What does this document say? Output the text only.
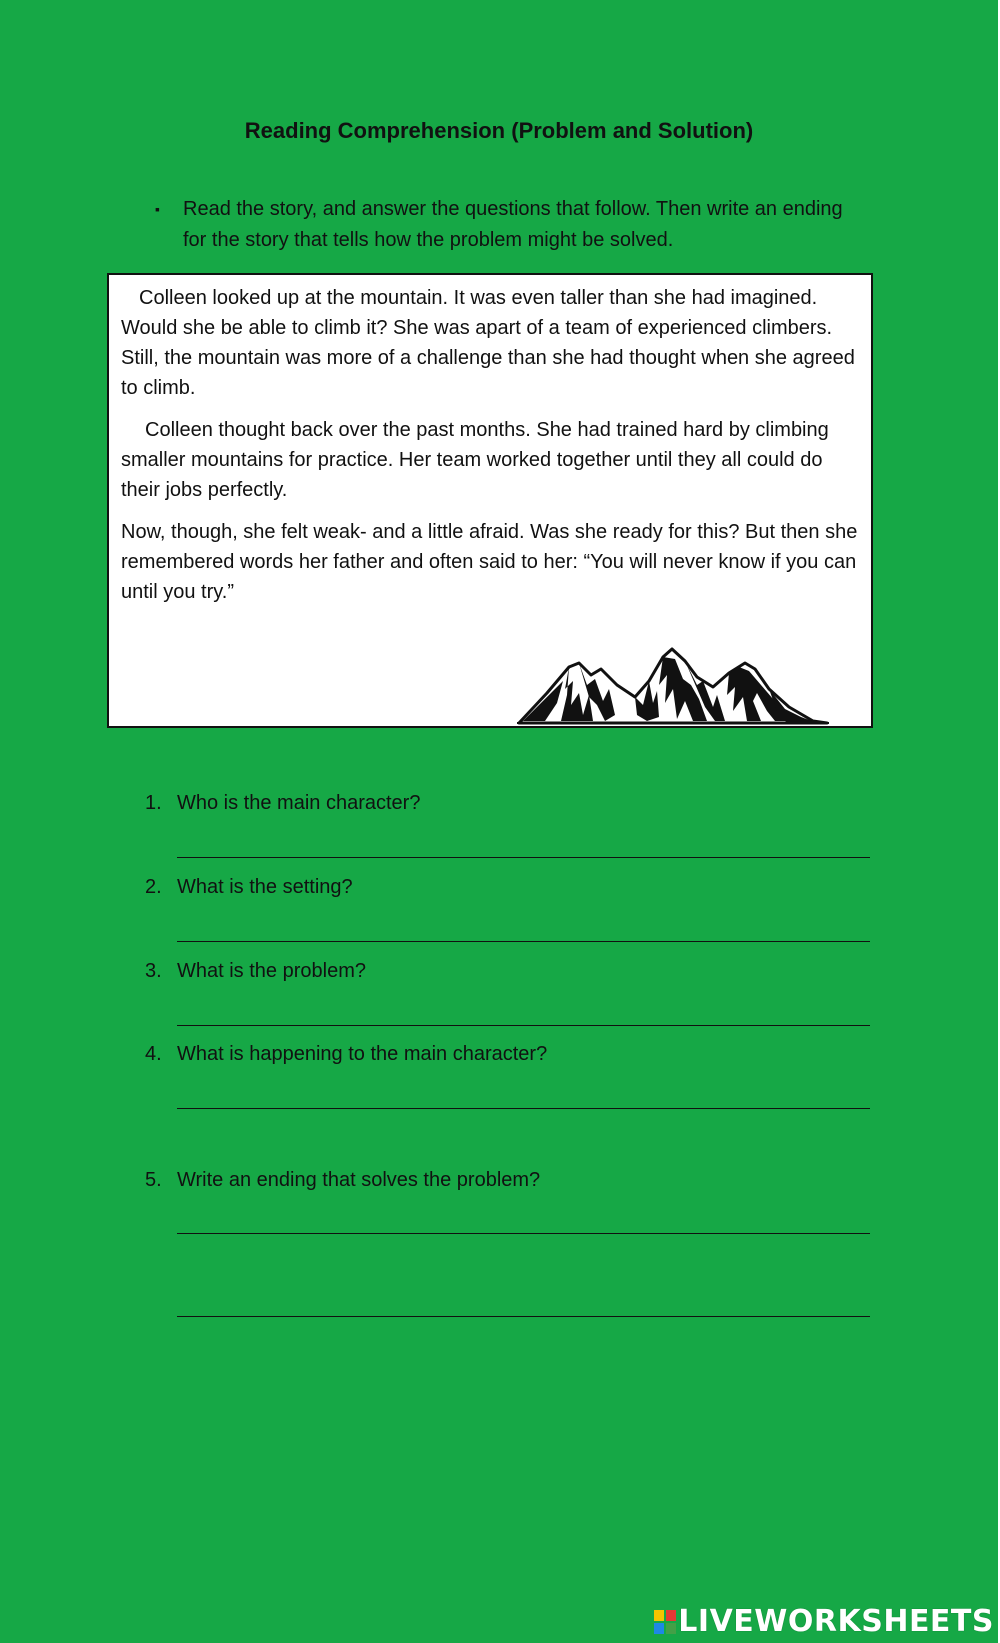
Reading Comprehension (Problem and Solution)
▪	Read the story, and answer the questions that follow. Then write an ending for the story that tells how the problem might be solved.

Colleen looked up at the mountain. It was even taller than she had imagined. Would she be able to climb it? She was apart of a team of experienced climbers. Still, the mountain was more of a challenge than she had thought when she agreed to climb.

Colleen thought back over the past months. She had trained hard by climbing smaller mountains for practice. Her team worked together until they all could do their jobs perfectly.

Now, though, she felt weak- and a little afraid. Was she ready for this? But then she remembered words her father and often said to her: “You will never know if you can until you try.”

1. Who is the main character?
2. What is the setting?
3. What is the problem?
4. What is happening to the main character?
5. Write an ending that solves the problem?
LIVEWORKSHEETS
